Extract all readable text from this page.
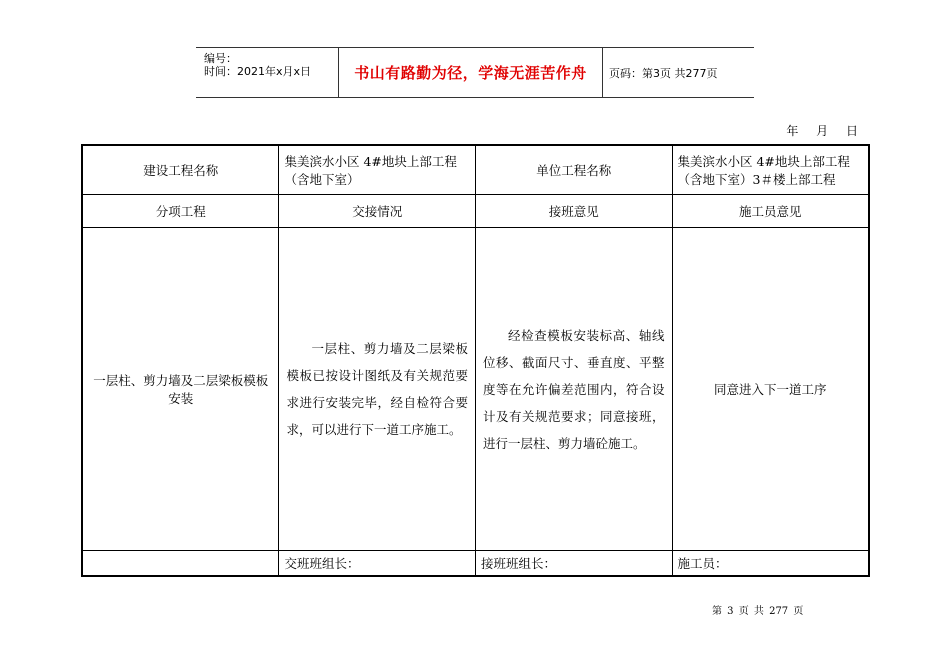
编号：
时间：2021年x月x日	书山有路勤为径，学海无涯苦作舟	页码：第3页 共277页
年 月 日
建设工程名称	集美滨水小区 4#地块上部工程（含地下室）	单位工程名称	集美滨水小区 4#地块上部工程（含地下室）3＃楼上部工程
分项工程	交接情况	接班意见	施工员意见
一层柱、剪力墙及二层梁板模板安装	一层柱、剪力墙及二层梁板模板已按设计图纸及有关规范要求进行安装完毕，经自检符合要求，可以进行下一道工序施工。	经检查模板安装标高、轴线位移、截面尺寸、垂直度、平整度等在允许偏差范围内，符合设计及有关规范要求；同意接班，进行一层柱、剪力墙砼施工。	同意进入下一道工序
	交班班组长：	接班班组长：	施工员：
第 3 页 共 277 页
